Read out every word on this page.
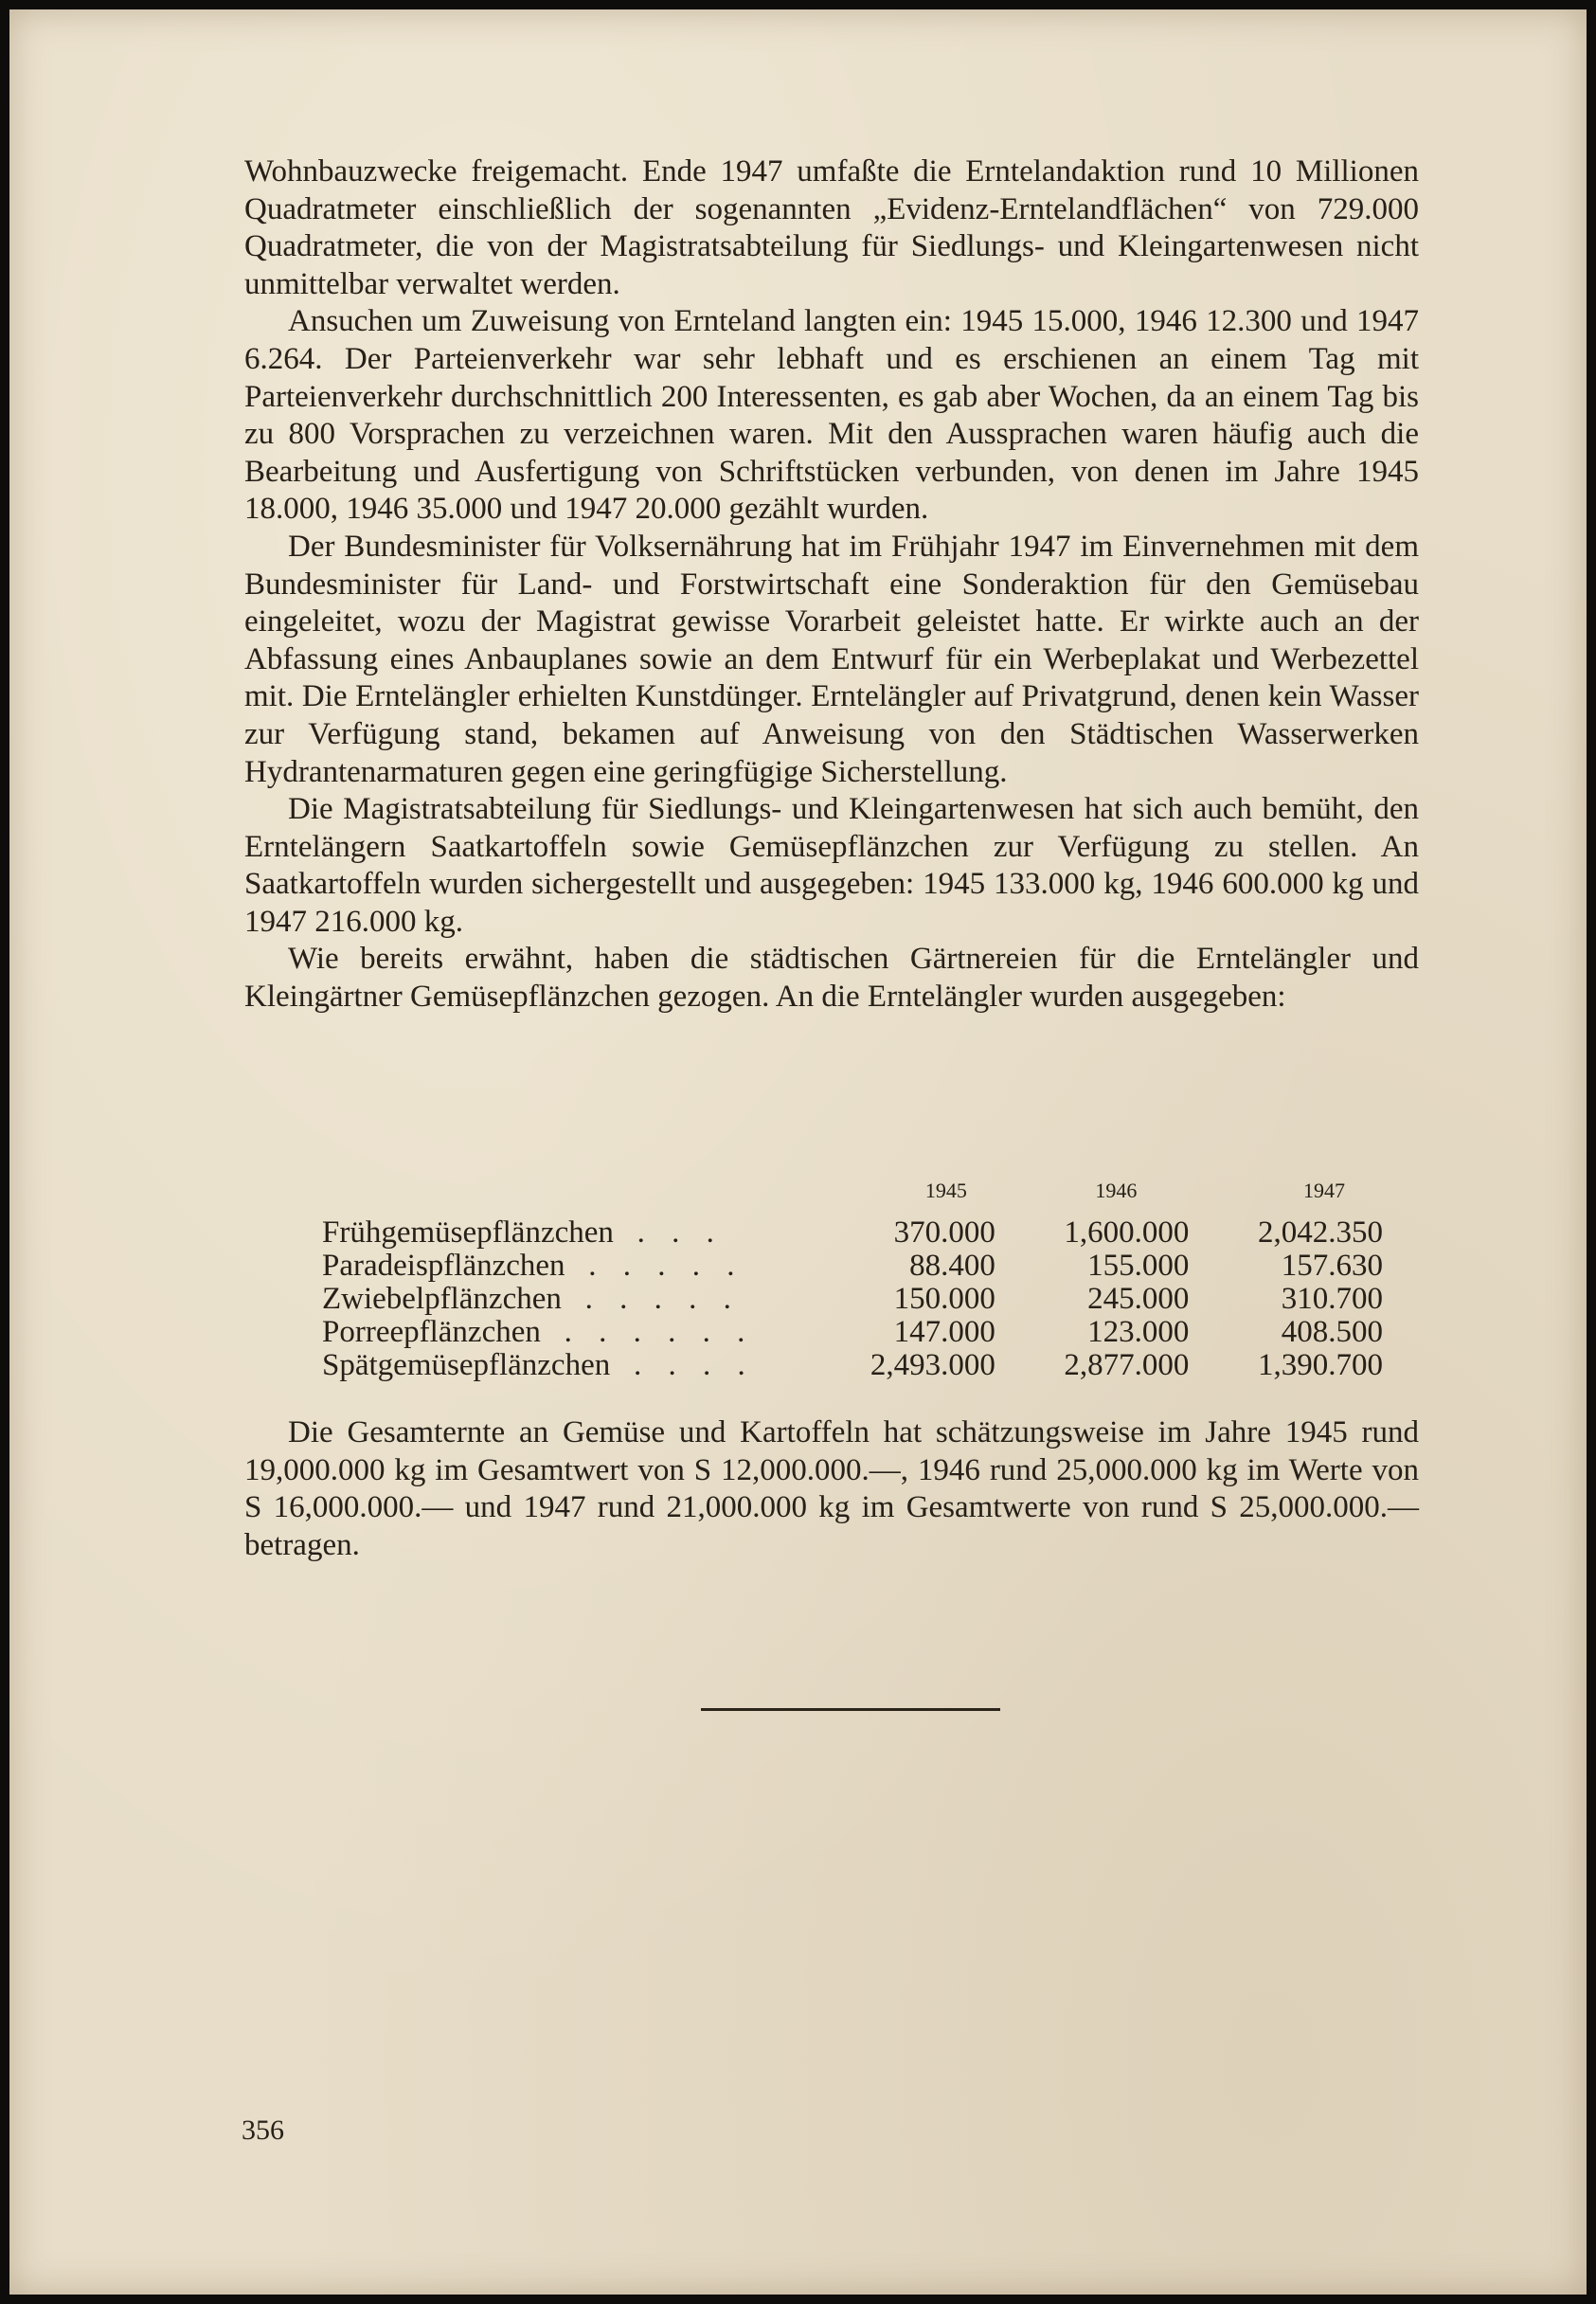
Wohnbauzwecke freigemacht. Ende 1947 umfaßte die Erntelandaktion rund 10 Millionen Quadratmeter einschließlich der sogenannten „Evidenz-Erntelandflächen“ von 729.000 Quadratmeter, die von der Magistratsabteilung für Siedlungs- und Kleingartenwesen nicht unmittelbar verwaltet werden.

Ansuchen um Zuweisung von Ernteland langten ein: 1945 15.000, 1946 12.300 und 1947 6.264. Der Parteienverkehr war sehr lebhaft und es erschienen an einem Tag mit Parteienverkehr durchschnittlich 200 Interessenten, es gab aber Wochen, da an einem Tag bis zu 800 Vorsprachen zu verzeichnen waren. Mit den Aussprachen waren häufig auch die Bearbeitung und Ausfertigung von Schriftstücken verbunden, von denen im Jahre 1945 18.000, 1946 35.000 und 1947 20.000 gezählt wurden.

Der Bundesminister für Volksernährung hat im Frühjahr 1947 im Einvernehmen mit dem Bundesminister für Land- und Forstwirtschaft eine Sonderaktion für den Gemüsebau eingeleitet, wozu der Magistrat gewisse Vorarbeit geleistet hatte. Er wirkte auch an der Abfassung eines Anbauplanes sowie an dem Entwurf für ein Werbeplakat und Werbezettel mit. Die Erntelängler erhielten Kunstdünger. Erntelängler auf Privatgrund, denen kein Wasser zur Verfügung stand, bekamen auf Anweisung von den Städtischen Wasserwerken Hydrantenarmaturen gegen eine geringfügige Sicherstellung.

Die Magistratsabteilung für Siedlungs- und Kleingartenwesen hat sich auch bemüht, den Erntelängern Saatkartoffeln sowie Gemüsepflänzchen zur Verfügung zu stellen. An Saatkartoffeln wurden sichergestellt und ausgegeben: 1945 133.000 kg, 1946 600.000 kg und 1947 216.000 kg.

Wie bereits erwähnt, haben die städtischen Gärtnereien für die Erntelängler und Kleingärtner Gemüsepflänzchen gezogen. An die Erntelängler wurden ausgegeben:

	1945	1946	1947
Frühgemüsepflänzchen . . .	370.000	1,600.000	2,042.350
Paradeispflänzchen . . . . .	88.400	155.000	157.630
Zwiebelpflänzchen . . . . .	150.000	245.000	310.700
Porreepflänzchen . . . . . .	147.000	123.000	408.500
Spätgemüsepflänzchen . . . .	2,493.000	2,877.000	1,390.700

Die Gesamternte an Gemüse und Kartoffeln hat schätzungsweise im Jahre 1945 rund 19,000.000 kg im Gesamtwert von S 12,000.000.—, 1946 rund 25,000.000 kg im Werte von S 16,000.000.— und 1947 rund 21,000.000 kg im Gesamtwerte von rund S 25,000.000.— betragen.

356
